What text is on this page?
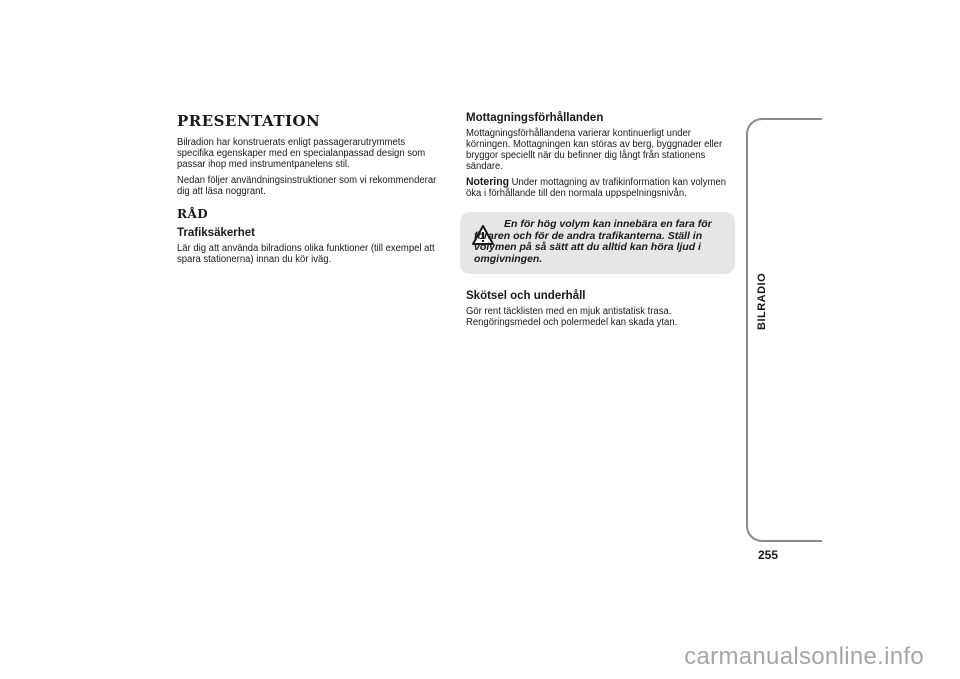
PRESENTATION

Bilradion har konstruerats enligt passagerarutrymmets specifika egenskaper med en specialanpassad design som passar ihop med instrumentpanelens stil.

Nedan följer användningsinstruktioner som vi rekommenderar dig att läsa noggrant.

RÅD
Trafiksäkerhet

Lär dig att använda bilradions olika funktioner (till exempel att spara stationerna) innan du kör iväg.

Mottagningsförhållanden

Mottagningsförhållandena varierar kontinuerligt under körningen. Mottagningen kan störas av berg, byggnader eller bryggor speciellt när du befinner dig långt från stationens sändare.

Notering Under mottagning av trafikinformation kan volymen öka i förhållande till den normala uppspelningsnivån.

En för hög volym kan innebära en fara för föraren och för de andra trafikanterna. Ställ in volymen på så sätt att du alltid kan höra ljud i omgivningen.
Skötsel och underhåll

Gör rent täcklisten med en mjuk antistatisk trasa. Rengöringsmedel och polermedel kan skada ytan.	BILRADIO
255
carmanualsonline.info
